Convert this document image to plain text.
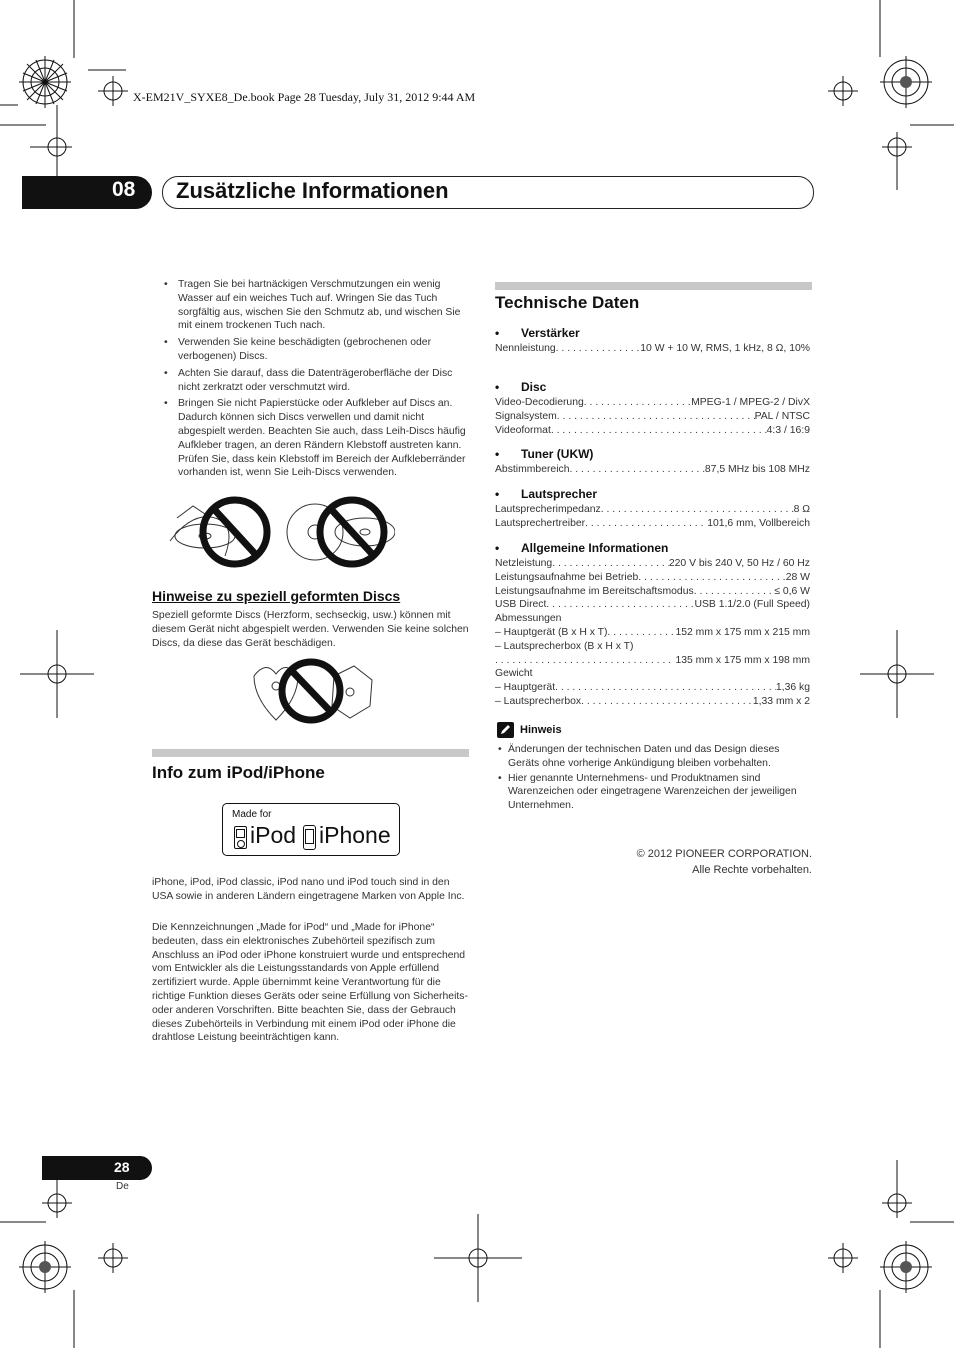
X-EM21V_SYXE8_De.book Page 28 Tuesday, July 31, 2012 9:44 AM
08 Zusätzliche Informationen
• Tragen Sie bei hartnäckigen Verschmutzungen ein wenig Wasser auf ein weiches Tuch auf. Wringen Sie das Tuch sorgfältig aus, wischen Sie den Schmutz ab, und wischen Sie mit einem trockenen Tuch nach.
• Verwenden Sie keine beschädigten (gebrochenen oder verbogenen) Discs.
• Achten Sie darauf, dass die Datenträgeroberfläche der Disc nicht zerkratzt oder verschmutzt wird.
• Bringen Sie nicht Papierstücke oder Aufkleber auf Discs an. Dadurch können sich Discs verwellen und damit nicht abgespielt werden. Beachten Sie auch, dass Leih-Discs häufig Aufkleber tragen, an deren Rändern Klebstoff austreten kann. Prüfen Sie, dass kein Klebstoff im Bereich der Aufkleberränder vorhanden ist, wenn Sie Leih-Discs verwenden.
Hinweise zu speziell geformten Discs
Speziell geformte Discs (Herzform, sechseckig, usw.) können mit diesem Gerät nicht abgespielt werden. Verwenden Sie keine solchen Discs, da diese das Gerät beschädigen.
Info zum iPod/iPhone
Made for
iPod iPhone
iPhone, iPod, iPod classic, iPod nano und iPod touch sind in den USA sowie in anderen Ländern eingetragene Marken von Apple Inc.
Die Kennzeichnungen „Made for iPod“ und „Made for iPhone“ bedeuten, dass ein elektronisches Zubehörteil spezifisch zum Anschluss an iPod oder iPhone konstruiert wurde und entsprechend vom Entwickler als die Leistungsstandards von Apple erfüllend zertifiziert wurde. Apple übernimmt keine Verantwortung für die richtige Funktion dieses Geräts oder seine Erfüllung von Sicherheits- oder anderen Vorschriften. Bitte beachten Sie, dass der Gebrauch dieses Zubehörteils in Verbindung mit einem iPod oder iPhone die drahtlose Leistung beeinträchtigen kann.
Technische Daten
• Verstärker
Nennleistung . . .	10 W + 10 W, RMS, 1 kHz, 8 Ω, 10%
• Disc
Video-Decodierung . . .	MPEG-1 / MPEG-2 / DivX
Signalsystem . . .	PAL / NTSC
Videoformat . . .	4:3 / 16:9
• Tuner (UKW)
Abstimmbereich . . .	87,5 MHz bis 108 MHz
• Lautsprecher
Lautsprecherimpedanz . . .	8 Ω
Lautsprechertreiber . . .	101,6 mm, Vollbereich
• Allgemeine Informationen
Netzleistung . . .	220 V bis 240 V, 50 Hz / 60 Hz
Leistungsaufnahme bei Betrieb . . .	28 W
Leistungsaufnahme im Bereitschaftsmodus . . .	≤ 0,6 W
USB Direct . . .	USB 1.1/2.0 (Full Speed)
Abmessungen
– Hauptgerät (B x H x T) . . .	152 mm x 175 mm x 215 mm
– Lautsprecherbox (B x H x T)
. . .
135 mm x 175 mm x 198 mm
Gewicht
– Hauptgerät . . .	1,36 kg
– Lautsprecherbox . . .	1,33 mm x 2
Hinweis
• Änderungen der technischen Daten und das Design dieses Geräts ohne vorherige Ankündigung bleiben vorbehalten.
• Hier genannte Unternehmens- und Produktnamen sind Warenzeichen oder eingetragene Warenzeichen der jeweiligen Unternehmen.
© 2012 PIONEER CORPORATION.
Alle Rechte vorbehalten.
28
De
